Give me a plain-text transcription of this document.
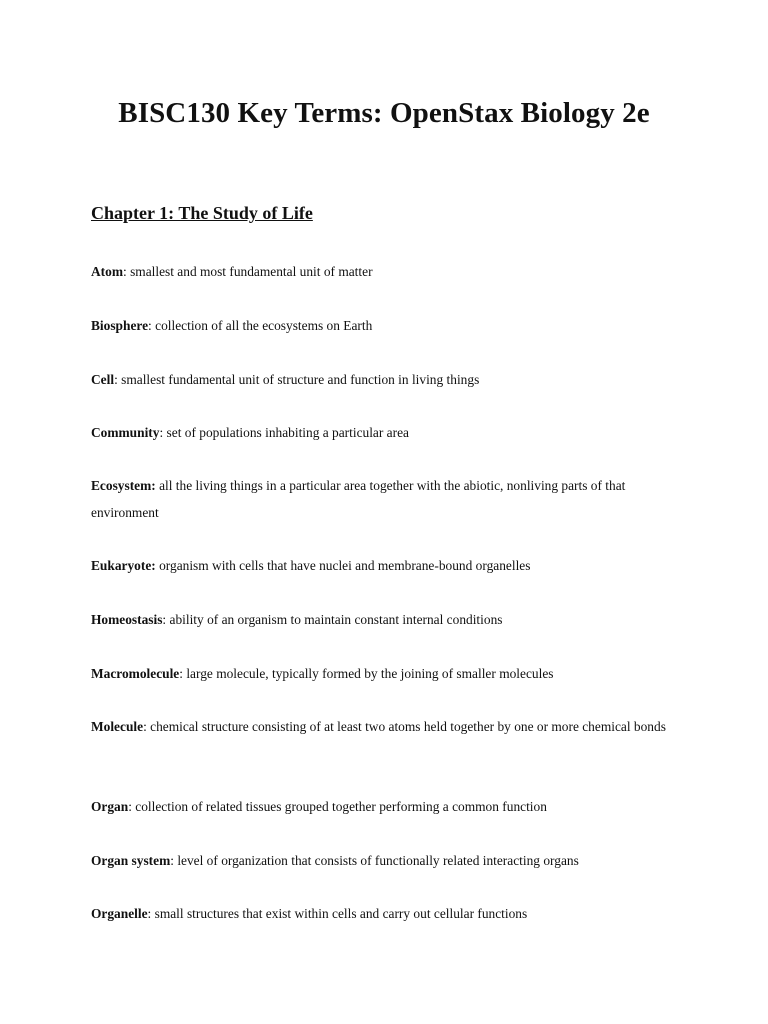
BISC130 Key Terms: OpenStax Biology 2e
Chapter 1: The Study of Life

Atom: smallest and most fundamental unit of matter

Biosphere: collection of all the ecosystems on Earth

Cell: smallest fundamental unit of structure and function in living things

Community: set of populations inhabiting a particular area

Ecosystem: all the living things in a particular area together with the abiotic, nonliving parts of that environment

Eukaryote: organism with cells that have nuclei and membrane-bound organelles

Homeostasis: ability of an organism to maintain constant internal conditions

Macromolecule: large molecule, typically formed by the joining of smaller molecules

Molecule: chemical structure consisting of at least two atoms held together by one or more chemical bonds

Organ: collection of related tissues grouped together performing a common function

Organ system: level of organization that consists of functionally related interacting organs

Organelle: small structures that exist within cells and carry out cellular functions
